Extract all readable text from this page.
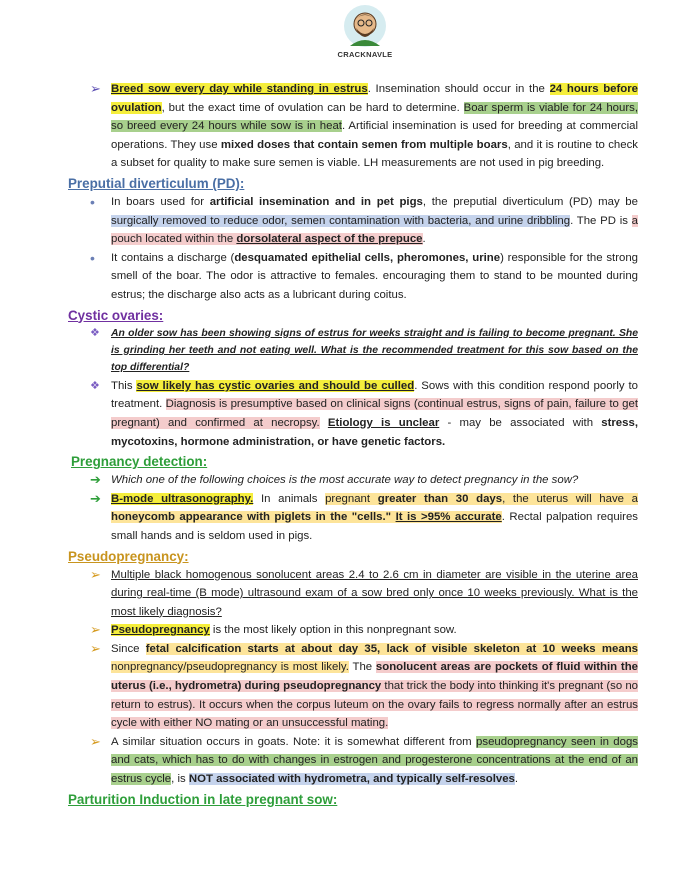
CRACKNAVLE
➢ Breed sow every day while standing in estrus. Insemination should occur in the 24 hours before ovulation, but the exact time of ovulation can be hard to determine. Boar sperm is viable for 24 hours, so breed every 24 hours while sow is in heat. Artificial insemination is used for breeding at commercial operations. They use mixed doses that contain semen from multiple boars, and it is routine to check a subset for quality to make sure semen is viable. LH measurements are not used in pig breeding.
Preputial diverticulum (PD):
• In boars used for artificial insemination and in pet pigs, the preputial diverticulum (PD) may be surgically removed to reduce odor, semen contamination with bacteria, and urine dribbling. The PD is a pouch located within the dorsolateral aspect of the prepuce.
• It contains a discharge (desquamated epithelial cells, pheromones, urine) responsible for the strong smell of the boar. The odor is attractive to females. encouraging them to stand to be mounted during estrus; the discharge also acts as a lubricant during coitus.
Cystic ovaries:
❖ An older sow has been showing signs of estrus for weeks straight and is failing to become pregnant. She is grinding her teeth and not eating well. What is the recommended treatment for this sow based on the top differential?
❖ This sow likely has cystic ovaries and should be culled. Sows with this condition respond poorly to treatment. Diagnosis is presumptive based on clinical signs (continual estrus, signs of pain, failure to get pregnant) and confirmed at necropsy. Etiology is unclear - may be associated with stress, mycotoxins, hormone administration, or have genetic factors.
Pregnancy detection:
➔ Which one of the following choices is the most accurate way to detect pregnancy in the sow?
➔ B-mode ultrasonography. In animals pregnant greater than 30 days, the uterus will have a honeycomb appearance with piglets in the "cells." It is >95% accurate. Rectal palpation requires small hands and is seldom used in pigs.
Pseudopregnancy:
➢ Multiple black homogenous sonolucent areas 2.4 to 2.6 cm in diameter are visible in the uterine area during real-time (B mode) ultrasound exam of a sow bred only once 10 weeks previously. What is the most likely diagnosis?
➢ Pseudopregnancy is the most likely option in this nonpregnant sow.
➢ Since fetal calcification starts at about day 35, lack of visible skeleton at 10 weeks means nonpregnancy/pseudopregnancy is most likely. The sonolucent areas are pockets of fluid within the uterus (i.e., hydrometra) during pseudopregnancy that trick the body into thinking it's pregnant (so no return to estrus). It occurs when the corpus luteum on the ovary fails to regress normally after an estrus cycle with either NO mating or an unsuccessful mating.
➢ A similar situation occurs in goats. Note: it is somewhat different from pseudopregnancy seen in dogs and cats, which has to do with changes in estrogen and progesterone concentrations at the end of an estrus cycle, is NOT associated with hydrometra, and typically self-resolves.
Parturition Induction in late pregnant sow:
